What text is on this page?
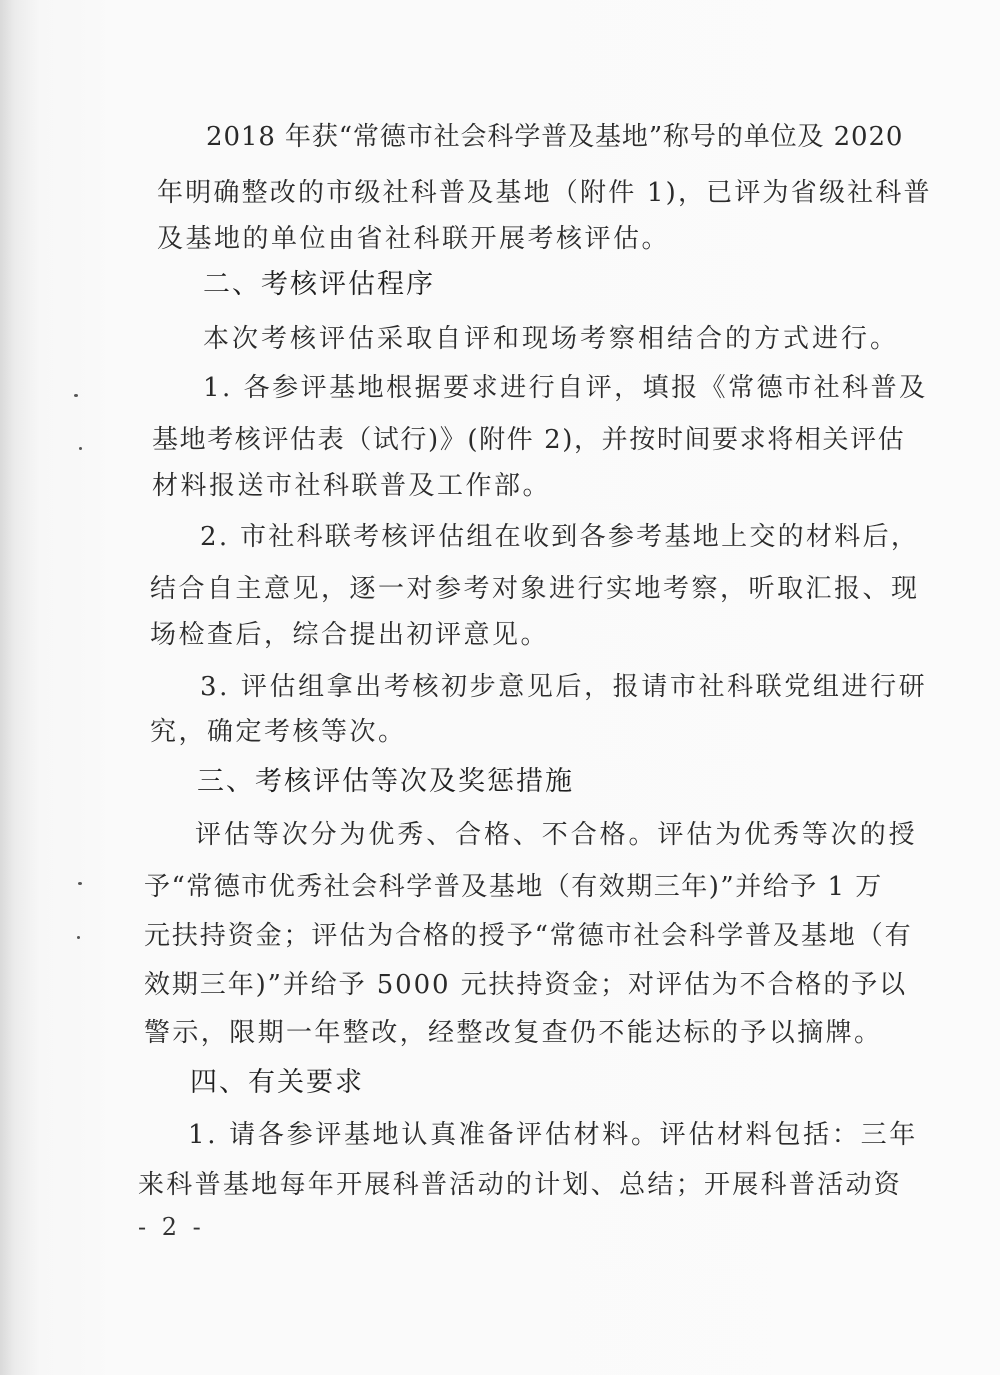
2018 年获“常德市社会科学普及基地”称号的单位及 2020
年明确整改的市级社科普及基地（附件 1)，已评为省级社科普
及基地的单位由省社科联开展考核评估。
二、考核评估程序
本次考核评估采取自评和现场考察相结合的方式进行。
1. 各参评基地根据要求进行自评，填报《常德市社科普及
基地考核评估表（试行)》(附件 2)，并按时间要求将相关评估
材料报送市社科联普及工作部。
2. 市社科联考核评估组在收到各参考基地上交的材料后，
结合自主意见，逐一对参考对象进行实地考察，听取汇报、现
场检查后，综合提出初评意见。
3. 评估组拿出考核初步意见后，报请市社科联党组进行研
究，确定考核等次。
三、考核评估等次及奖惩措施
评估等次分为优秀、合格、不合格。评估为优秀等次的授
予“常德市优秀社会科学普及基地（有效期三年)”并给予 1 万
元扶持资金；评估为合格的授予“常德市社会科学普及基地（有
效期三年)”并给予 5000 元扶持资金；对评估为不合格的予以
警示，限期一年整改，经整改复查仍不能达标的予以摘牌。
四、有关要求
1. 请各参评基地认真准备评估材料。评估材料包括：三年
来科普基地每年开展科普活动的计划、总结；开展科普活动资
- 2 -
